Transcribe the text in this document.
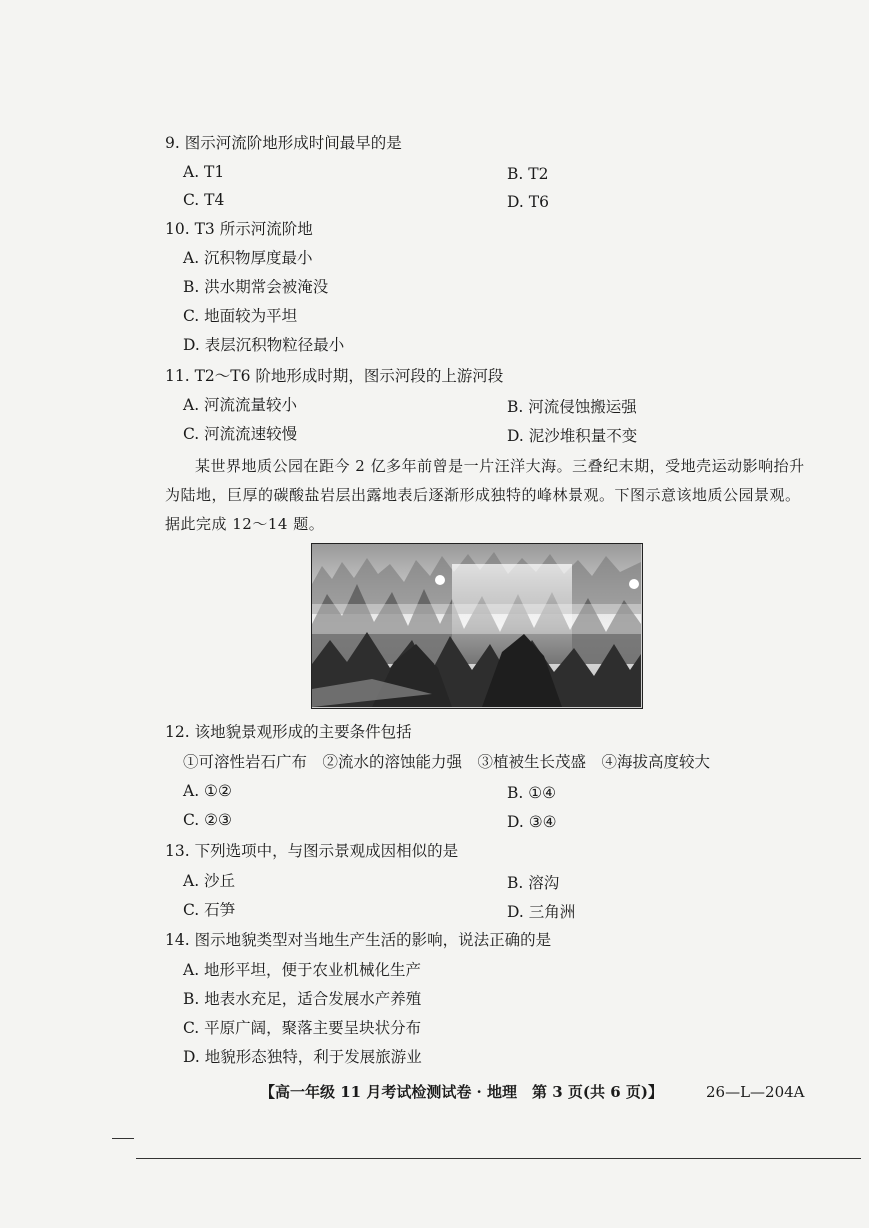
9. 图示河流阶地形成时间最早的是
A. T1	B. T2
C. T4	D. T6
10. T3 所示河流阶地
A. 沉积物厚度最小
B. 洪水期常会被淹没
C. 地面较为平坦
D. 表层沉积物粒径最小
11. T2～T6 阶地形成时期，图示河段的上游河段
A. 河流流量较小	B. 河流侵蚀搬运强
C. 河流流速较慢	D. 泥沙堆积量不变
某世界地质公园在距今 2 亿多年前曾是一片汪洋大海。三叠纪末期，受地壳运动影响抬升为陆地，巨厚的碳酸盐岩层出露地表后逐渐形成独特的峰林景观。下图示意该地质公园景观。据此完成 12～14 题。
12. 该地貌景观形成的主要条件包括
①可溶性岩石广布　②流水的溶蚀能力强　③植被生长茂盛　④海拔高度较大
A. ①②	B. ①④
C. ②③	D. ③④
13. 下列选项中，与图示景观成因相似的是
A. 沙丘	B. 溶沟
C. 石笋	D. 三角洲
14. 图示地貌类型对当地生产生活的影响，说法正确的是
A. 地形平坦，便于农业机械化生产
B. 地表水充足，适合发展水产养殖
C. 平原广阔，聚落主要呈块状分布
D. 地貌形态独特，利于发展旅游业
【高一年级 11 月考试检测试卷 · 地理　第 3 页(共 6 页)】	26—L—204A
